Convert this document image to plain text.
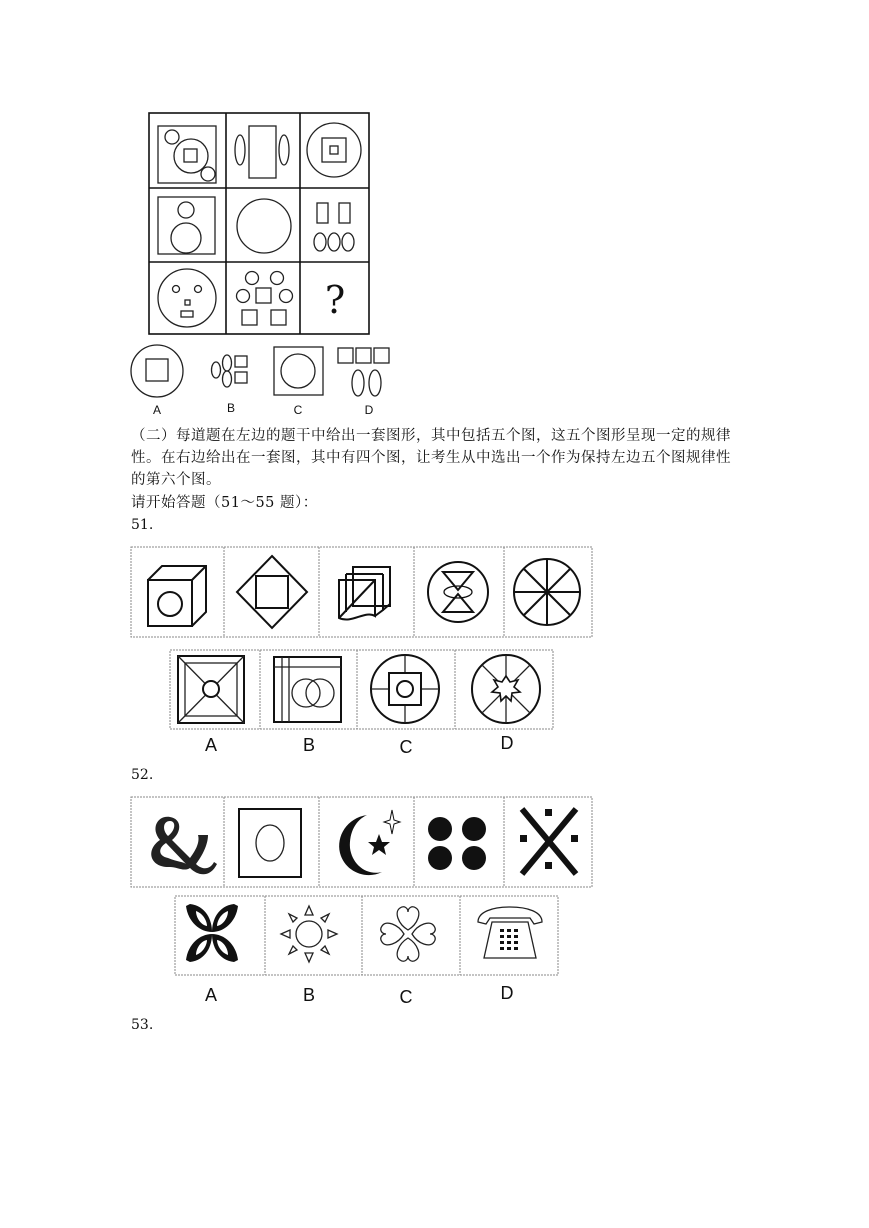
?
A	B	C	D
（二）每道题在左边的题干中给出一套图形，其中包括五个图，这五个图形呈现一定的规律
性。在右边给出在一套图，其中有四个图，让考生从中选出一个作为保持左边五个图规律性
的第六个图。
请开始答题（51～55 题）：
51.
A	B	C	D
52.
A	B	C	D
53.
